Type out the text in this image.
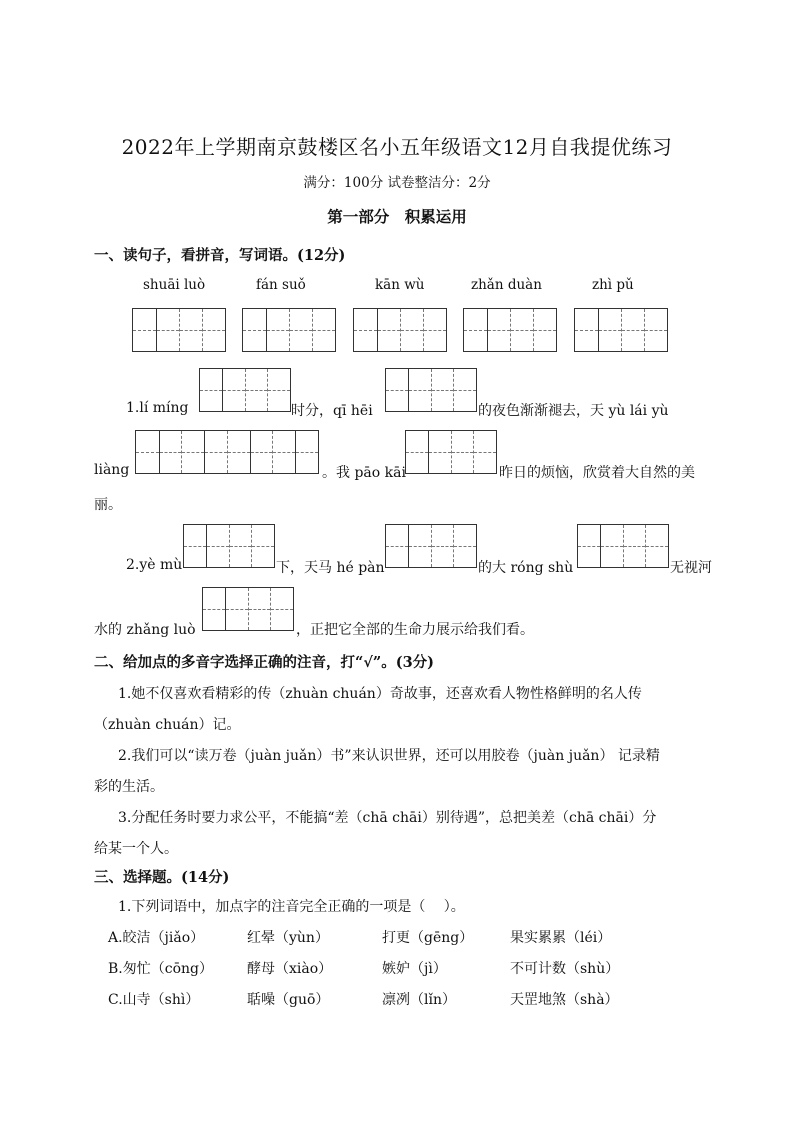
2022年上学期南京鼓楼区名小五年级语文12月自我提优练习
满分：100分 试卷整洁分：2分
第一部分　积累运用
一、读句子，看拼音，写词语。(12分)
shuāi luò	fán suǒ	kān wù	zhǎn duàn	zhì pǔ
1.lí míng	时分，qī hēi	的夜色渐渐褪去，天 yù lái yù
liàng	。我 pāo kāi	昨日的烦恼，欣赏着大自然的美
丽。
2.yè mù	下，天马 hé pàn	的大 róng shù	无视河
水的 zhǎng luò	，正把它全部的生命力展示给我们看。
二、给加点的多音字选择正确的注音，打“√”。(3分)
1.她不仅喜欢看精彩的传（zhuàn chuán）奇故事，还喜欢看人物性格鲜明的名人传
（zhuàn chuán）记。
2.我们可以“读万卷（juàn juǎn）书”来认识世界，还可以用胶卷（juàn juǎn） 记录精
彩的生活。
3.分配任务时要力求公平，不能搞“差（chā chāi）别待遇”，总把美差（chā chāi）分
给某一个人。
三、选择题。(14分)
1.下列词语中，加点字的注音完全正确的一项是（　 ）。
A.皎洁（jiǎo）	红晕（yùn）	打更（gēng）	果实累累（léi）
B.匆忙（cōng） 酵母（xiào）	嫉妒（jì）	不可计数（shù）
C.山寺（shì）	聒噪（guō）	凛冽（lǐn）	天罡地煞（shà）
